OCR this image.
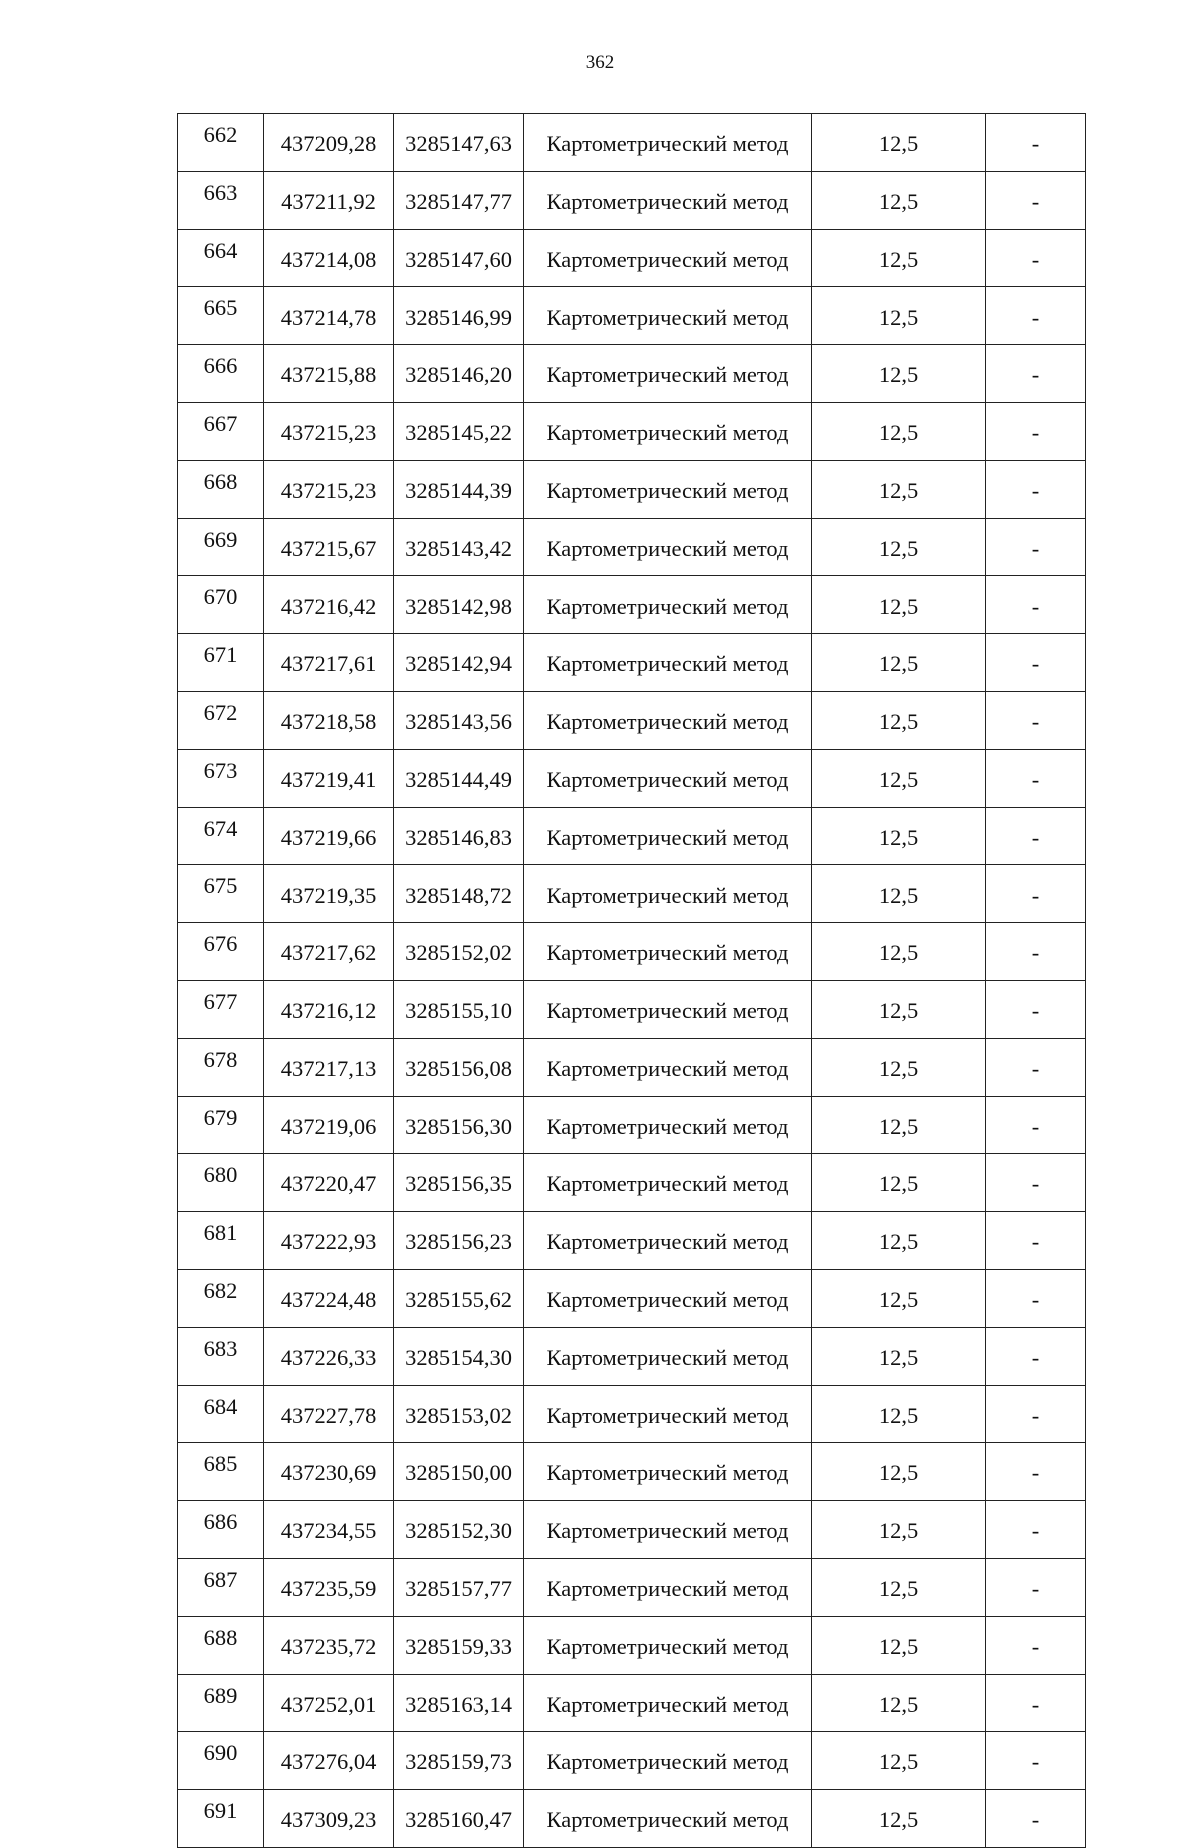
362
662	437209,28	3285147,63	Картометрический метод	12,5	-
663	437211,92	3285147,77	Картометрический метод	12,5	-
664	437214,08	3285147,60	Картометрический метод	12,5	-
665	437214,78	3285146,99	Картометрический метод	12,5	-
666	437215,88	3285146,20	Картометрический метод	12,5	-
667	437215,23	3285145,22	Картометрический метод	12,5	-
668	437215,23	3285144,39	Картометрический метод	12,5	-
669	437215,67	3285143,42	Картометрический метод	12,5	-
670	437216,42	3285142,98	Картометрический метод	12,5	-
671	437217,61	3285142,94	Картометрический метод	12,5	-
672	437218,58	3285143,56	Картометрический метод	12,5	-
673	437219,41	3285144,49	Картометрический метод	12,5	-
674	437219,66	3285146,83	Картометрический метод	12,5	-
675	437219,35	3285148,72	Картометрический метод	12,5	-
676	437217,62	3285152,02	Картометрический метод	12,5	-
677	437216,12	3285155,10	Картометрический метод	12,5	-
678	437217,13	3285156,08	Картометрический метод	12,5	-
679	437219,06	3285156,30	Картометрический метод	12,5	-
680	437220,47	3285156,35	Картометрический метод	12,5	-
681	437222,93	3285156,23	Картометрический метод	12,5	-
682	437224,48	3285155,62	Картометрический метод	12,5	-
683	437226,33	3285154,30	Картометрический метод	12,5	-
684	437227,78	3285153,02	Картометрический метод	12,5	-
685	437230,69	3285150,00	Картометрический метод	12,5	-
686	437234,55	3285152,30	Картометрический метод	12,5	-
687	437235,59	3285157,77	Картометрический метод	12,5	-
688	437235,72	3285159,33	Картометрический метод	12,5	-
689	437252,01	3285163,14	Картометрический метод	12,5	-
690	437276,04	3285159,73	Картометрический метод	12,5	-
691	437309,23	3285160,47	Картометрический метод	12,5	-
